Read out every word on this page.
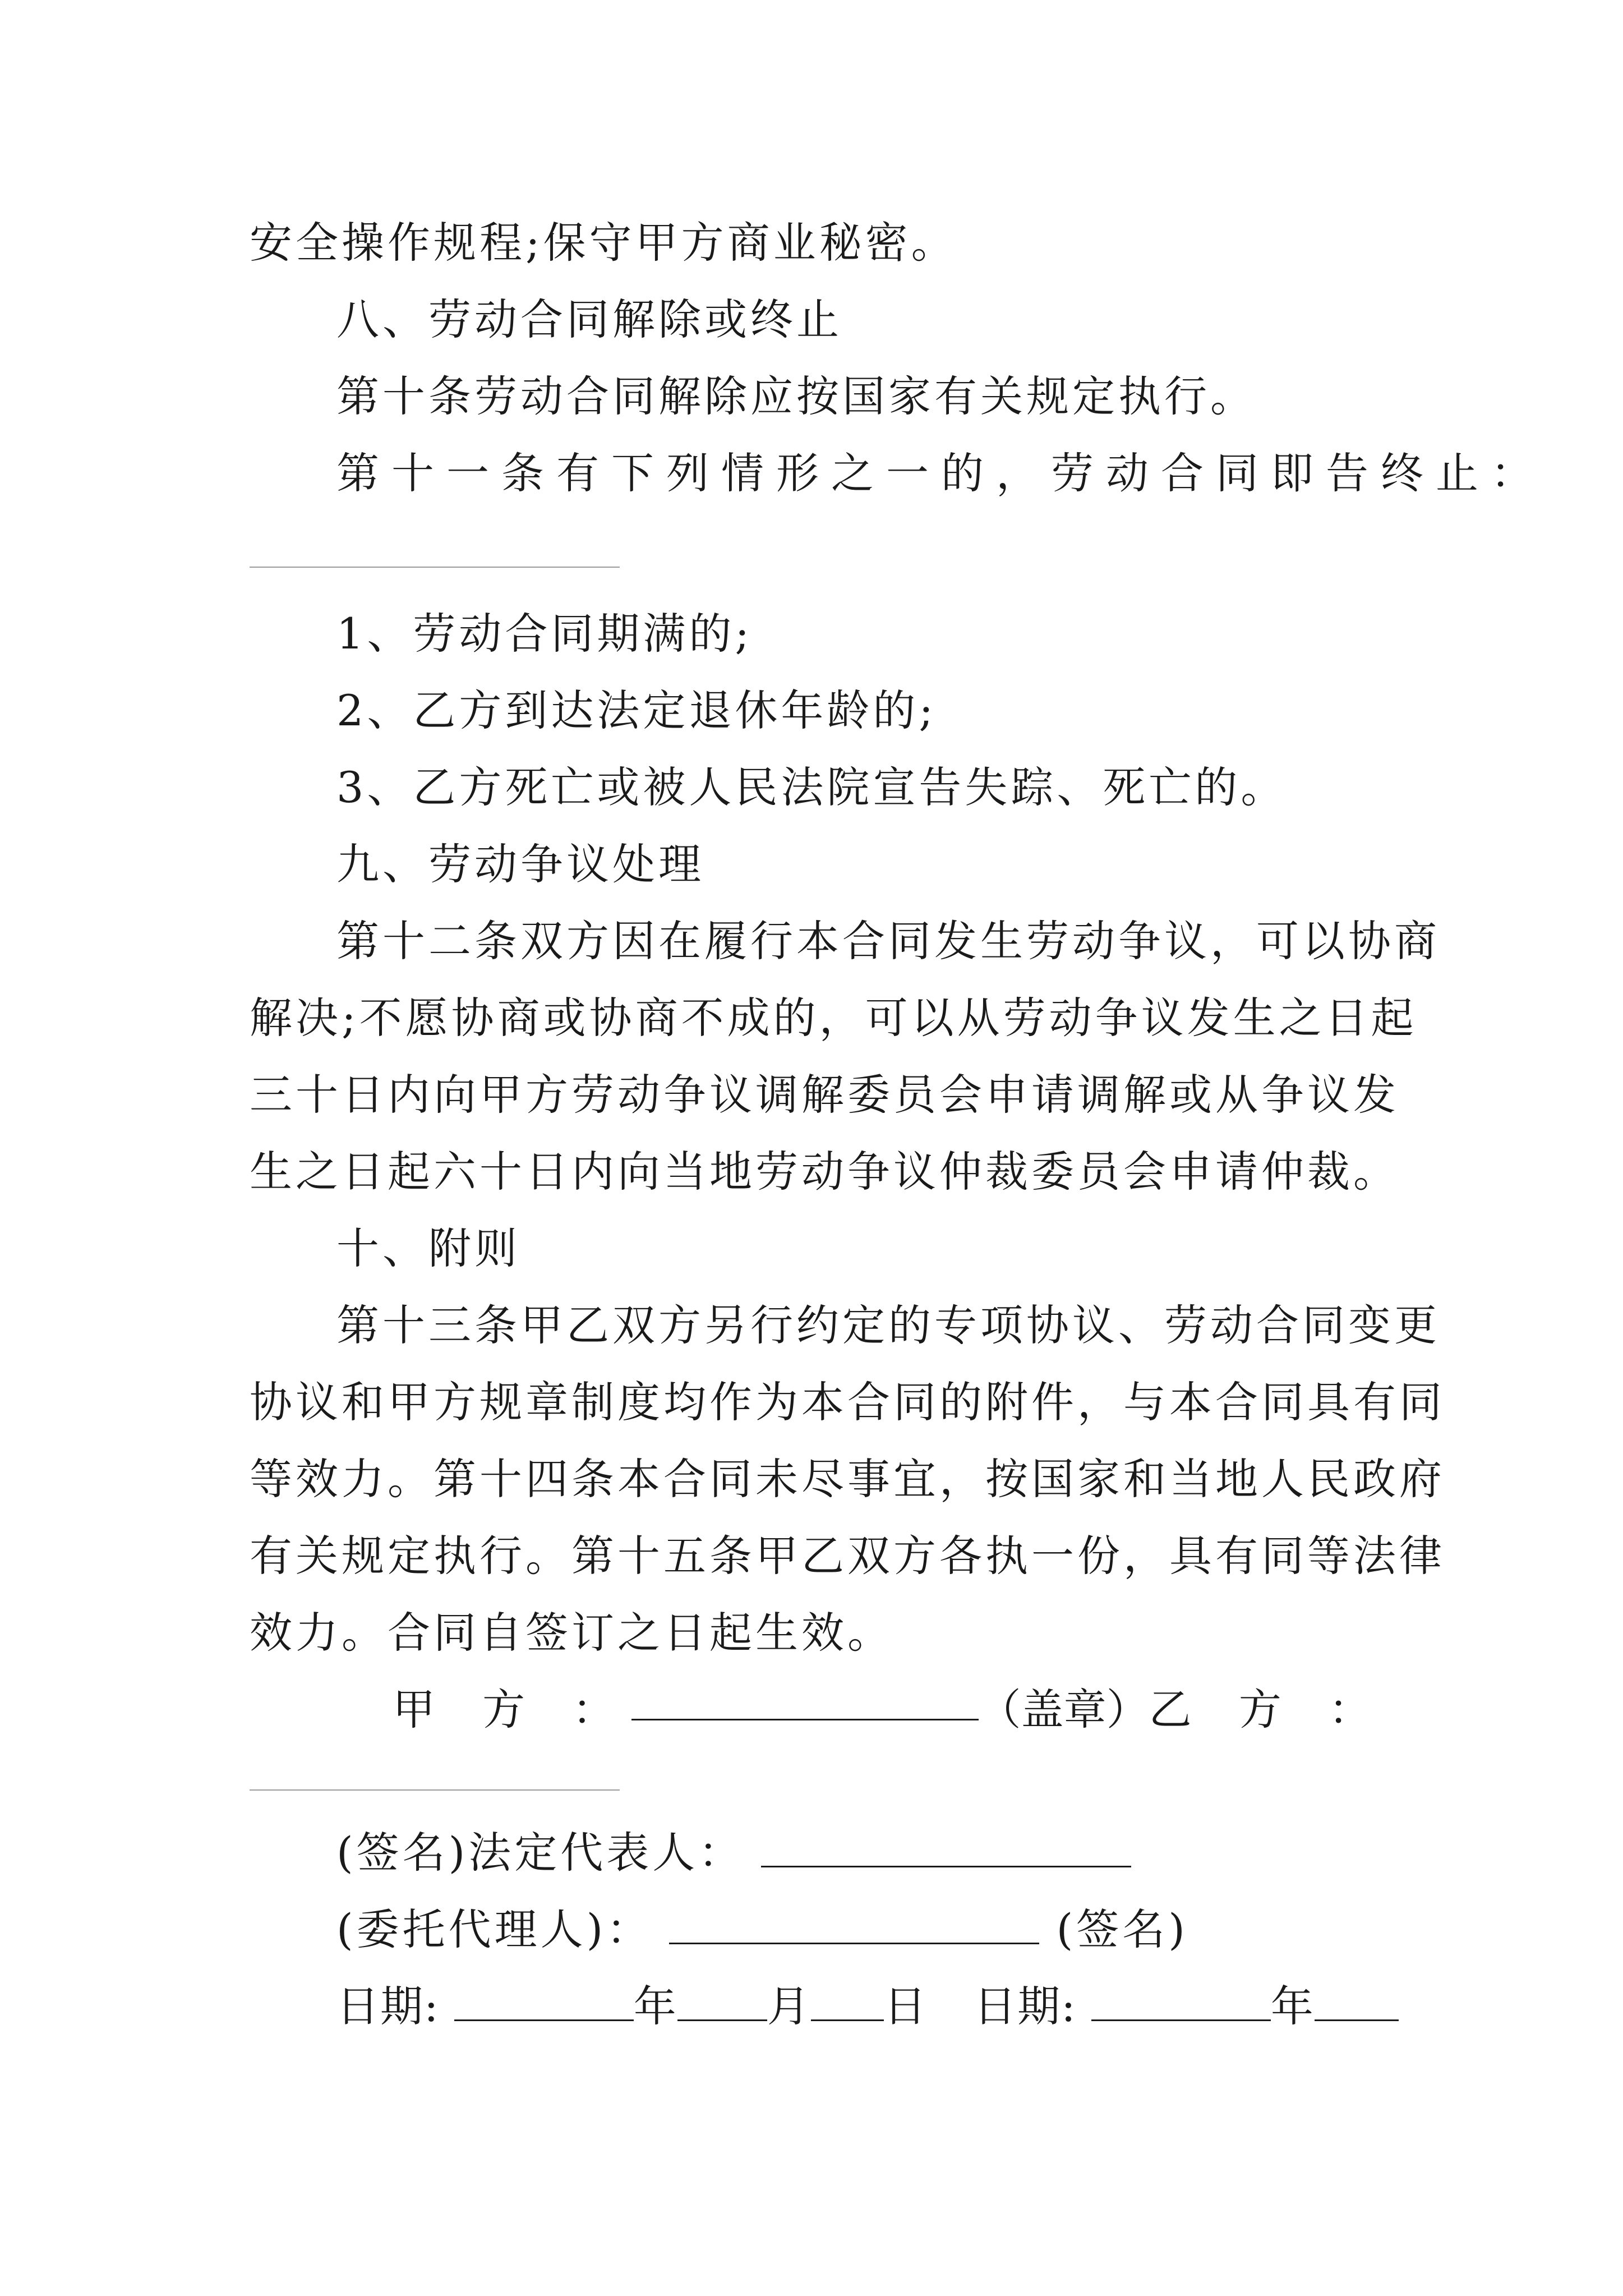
安全操作规程;保守甲方商业秘密。
八、劳动合同解除或终止
第十条劳动合同解除应按国家有关规定执行。
第十一条有下列情形之一的，劳动合同即告终止：
1、劳动合同期满的;
2、乙方到达法定退休年龄的;
3、乙方死亡或被人民法院宣告失踪、死亡的。
九、劳动争议处理
第十二条双方因在履行本合同发生劳动争议，可以协商
解决;不愿协商或协商不成的，可以从劳动争议发生之日起
三十日内向甲方劳动争议调解委员会申请调解或从争议发
生之日起六十日内向当地劳动争议仲裁委员会申请仲裁。
十、附则
第十三条甲乙双方另行约定的专项协议、劳动合同变更
协议和甲方规章制度均作为本合同的附件，与本合同具有同
等效力。第十四条本合同未尽事宜，按国家和当地人民政府
有关规定执行。第十五条甲乙双方各执一份，具有同等法律
效力。合同自签订之日起生效。
甲 方 ：	（ 盖 章 ） 乙 方 ：
(签名)法定代表人：
(委托代理人)：	(签名)
日期:	年 月 日 日期:	年
